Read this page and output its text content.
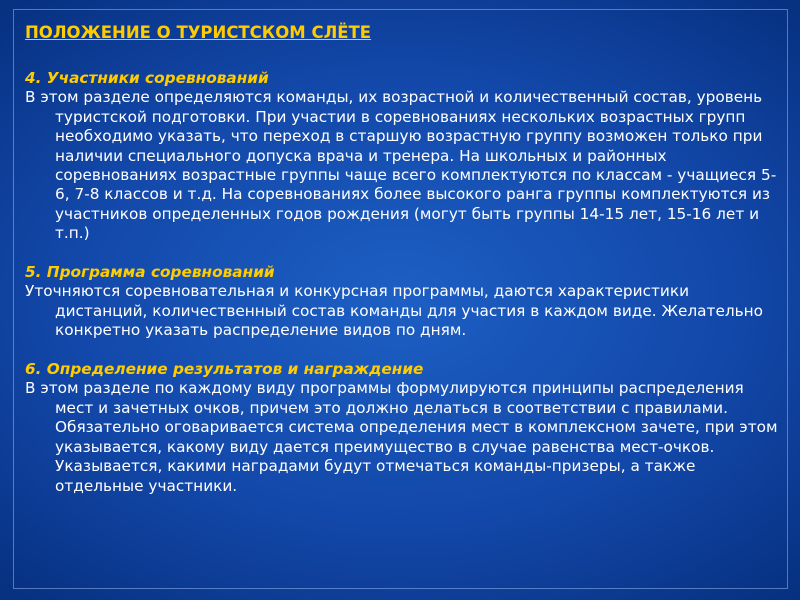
ПОЛОЖЕНИЕ О ТУРИСТСКОМ СЛЁТЕ
4. Участники соревнований
В этом разделе определяются команды, их возрастной и количественный состав, уровень туристской подготовки. При участии в соревнованиях нескольких возрастных групп необходимо указать, что переход в старшую возрастную группу возможен только при наличии специального допуска врача и тренера. На школьных и районных соревнованиях возрастные группы чаще всего комплектуются по классам - учащиеся 5-6, 7-8 классов и т.д. На соревнованиях более высокого ранга группы комплектуются из участников определенных годов рождения (могут быть группы 14-15 лет, 15-16 лет и т.п.)
5. Программа соревнований
Уточняются соревновательная и конкурсная программы, даются характеристики дистанций, количественный состав команды для участия в каждом виде. Желательно конкретно указать распределение видов по дням.
6. Определение результатов и награждение
В этом разделе по каждому виду программы формулируются принципы распределения мест и зачетных очков, причем это должно делаться в соответствии с правилами. Обязательно оговаривается система определения мест в комплексном зачете, при этом указывается, какому виду дается преимущество в случае равенства мест-очков. Указывается, какими наградами будут отмечаться команды-призеры, а также отдельные участники.
